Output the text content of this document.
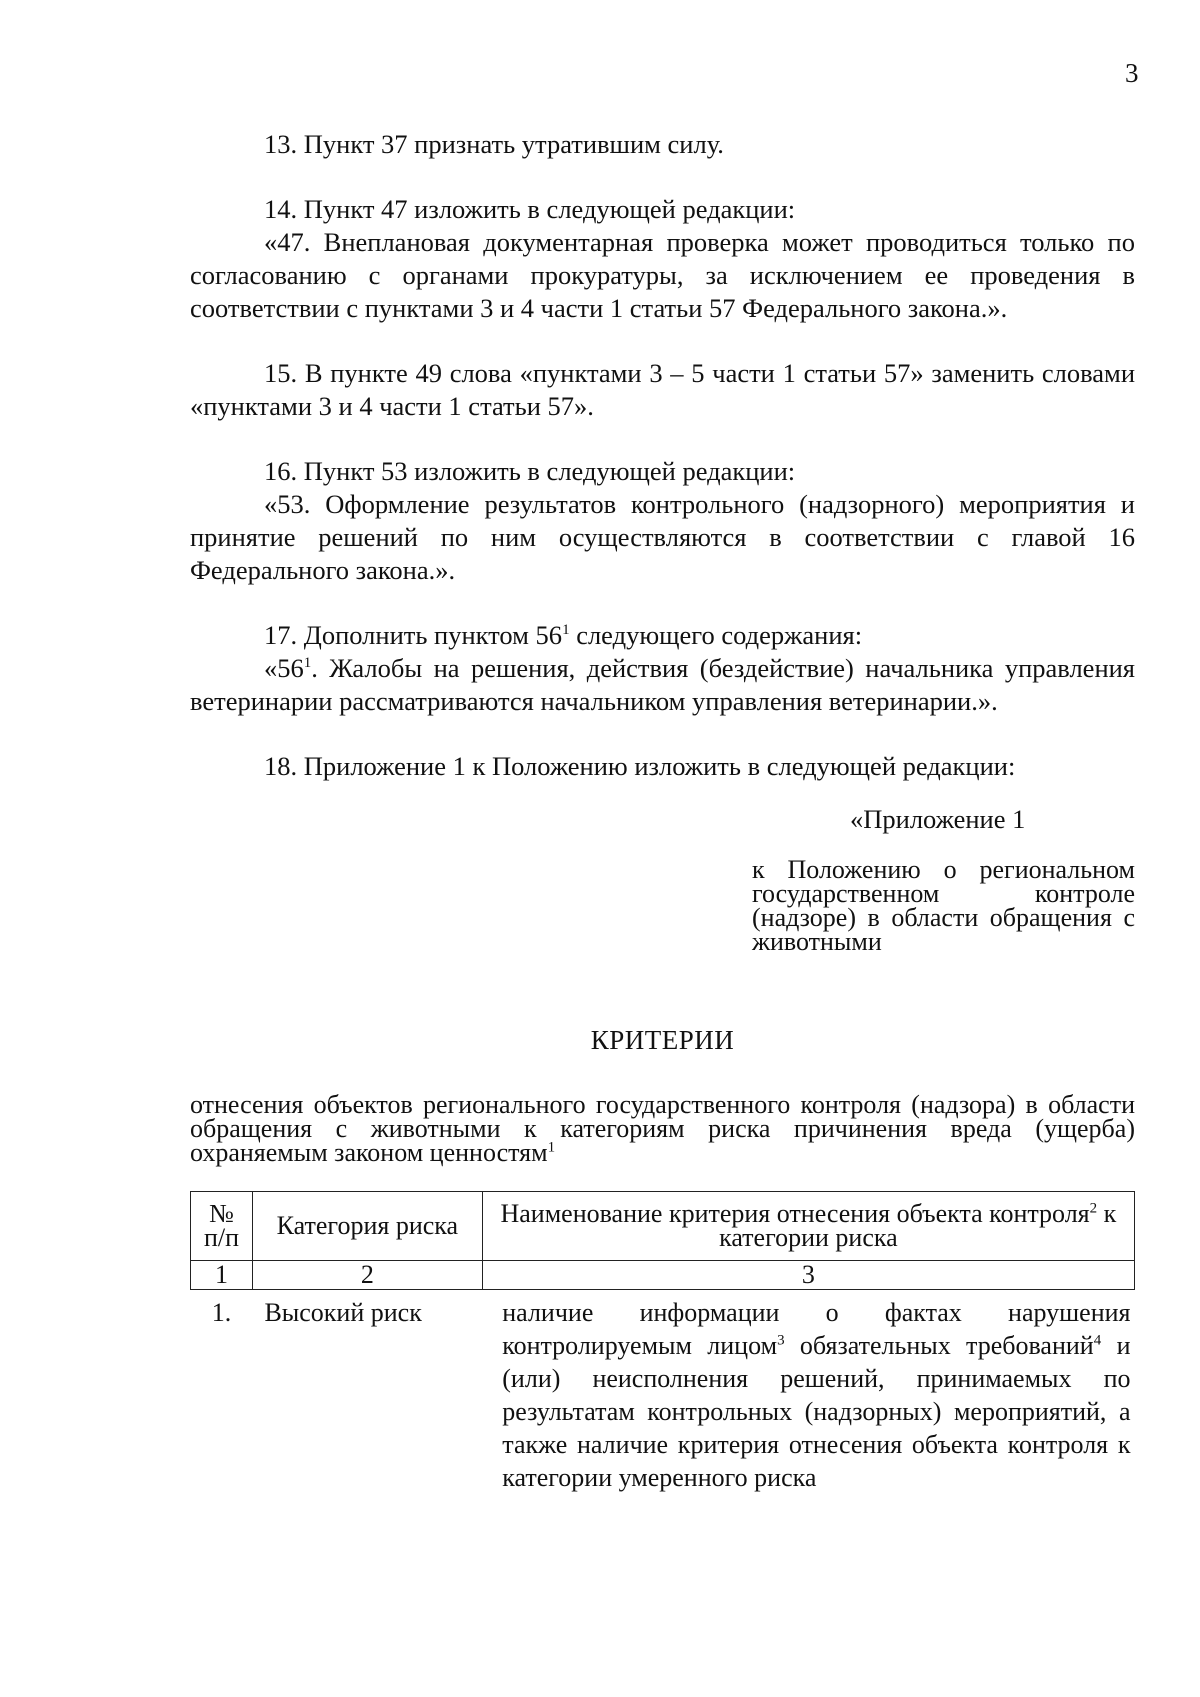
3

13. Пункт 37 признать утратившим силу.

14. Пункт 47 изложить в следующей редакции:

«47. Внеплановая документарная проверка может проводиться только по согласованию с органами прокуратуры, за исключением ее проведения в соответствии с пунктами 3 и 4 части 1 статьи 57 Федерального закона.».

15. В пункте 49 слова «пунктами 3 – 5 части 1 статьи 57» заменить словами «пунктами 3 и 4 части 1 статьи 57».

16. Пункт 53 изложить в следующей редакции:

«53. Оформление результатов контрольного (надзорного) мероприятия и принятие решений по ним осуществляются в соответствии с главой 16 Федерального закона.».

17. Дополнить пунктом $56^1$ следующего содержания:

«$56^1$. Жалобы на решения, действия (бездействие) начальника управления ветеринарии рассматриваются начальником управления ветеринарии.».

18. Приложение 1 к Положению изложить в следующей редакции:

«Приложение 1

к Положению о региональном государственном контроле (надзоре) в области обращения с животными
КРИТЕРИИ
отнесения объектов регионального государственного контроля (надзора) в области обращения с животными к категориям риска причинения вреда (ущерба) охраняемым законом ценностям$^1$
№ п/п	Категория риска	Наименование критерия отнесения объекта контроля$^2$ к категории риска
1	2	3
1.	Высокий риск	наличие информации о фактах нарушения контролируемым лицом$^3$ обязательных требований$^4$ и (или) неисполнения решений, принимаемых по результатам контрольных (надзорных) мероприятий, а также наличие критерия отнесения объекта контроля к категории умеренного риска
